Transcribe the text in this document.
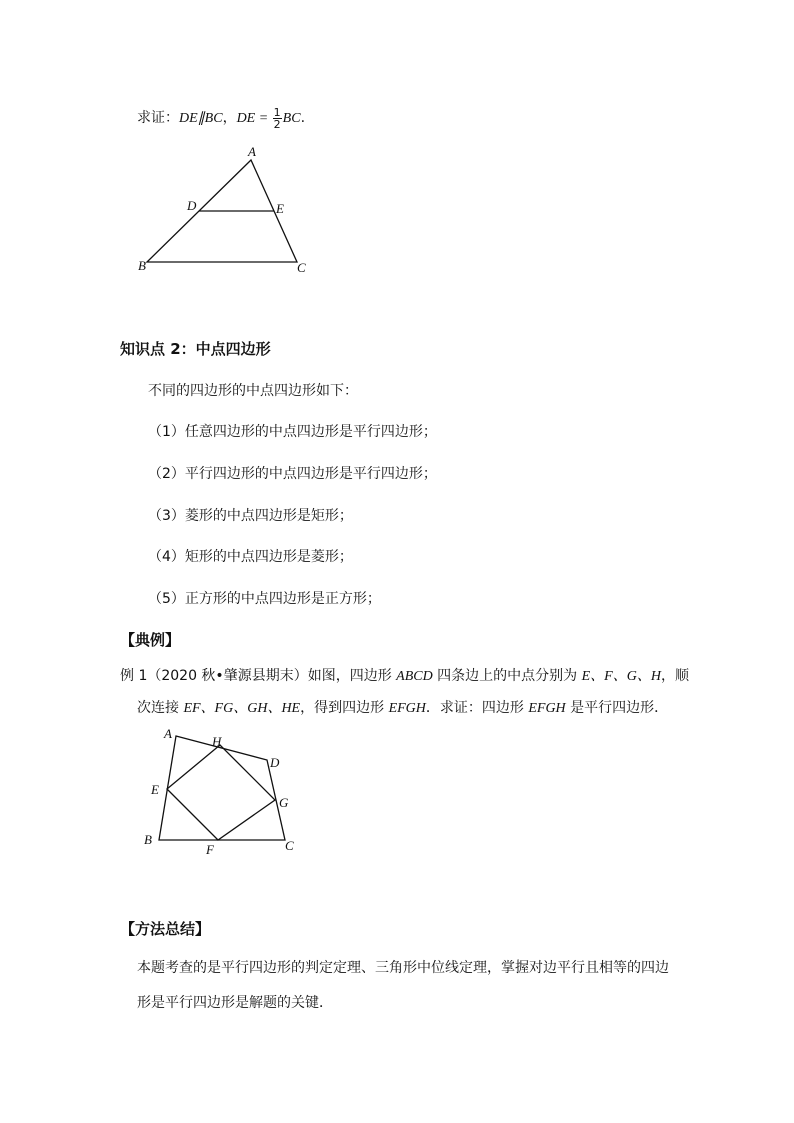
求证：DE∥BC，DE = $\frac{1}{2}$ BC.
A
D	E
B	C
知识点 2：中点四边形
不同的四边形的中点四边形如下：
（1）任意四边形的中点四边形是平行四边形；
（2）平行四边形的中点四边形是平行四边形；
（3）菱形的中点四边形是矩形；
（4）矩形的中点四边形是菱形；
（5）正方形的中点四边形是正方形；
【典例】
例 1（2020 秋•肇源县期末）如图，四边形 ABCD 四条边上的中点分别为 E、F、G、H，顺
次连接 EF、FG、GH、HE，得到四边形 EFGH．求证：四边形 EFGH 是平行四边形．
A
H
D
E
G
B
F	C
【方法总结】
本题考查的是平行四边形的判定定理、三角形中位线定理，掌握对边平行且相等的四边
形是平行四边形是解题的关键．
